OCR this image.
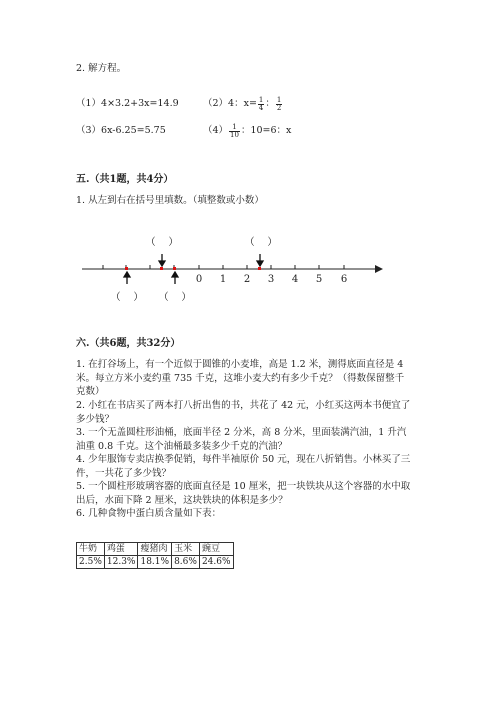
2. 解方程。
（1）4×3.2+3x=14.9	（2）4：$x= \frac{1}{4}$ ： $\frac{1}{2}$
（3）6x-6.25=5.75	$(4) \frac{1}{10}$ ：10=6：x
五.（共1题，共4分）
1. 从左到右在括号里填数。（填整数或小数）
0 1 2 3 4 5 6
（    ）	（    ）
（    ） （    ）
六.（共6题，共32分）
1. 在打谷场上，有一个近似于圆锥的小麦堆，高是 1.2 米，测得底面直径是 4
米。每立方米小麦约重 735 千克，这堆小麦大约有多少千克？（得数保留整千
克数）
2. 小红在书店买了两本打八折出售的书，共花了 42 元，小红买这两本书便宜了
多少钱？
3. 一个无盖圆柱形油桶，底面半径 2 分米，高 8 分米，里面装满汽油，1 升汽
油重 0.8 千克。这个油桶最多装多少千克的汽油？
4. 少年服饰专卖店换季促销，每件半袖原价 50 元，现在八折销售。小林买了三
件，一共花了多少钱？
5. 一个圆柱形玻璃容器的底面直径是 10 厘米，把一块铁块从这个容器的水中取
出后，水面下降 2 厘米，这块铁块的体积是多少？
6. 几种食物中蛋白质含量如下表：
牛奶	鸡蛋	瘦猪肉	玉米	豌豆
2.5%	12.3%	18.1%	8.6%	24.6%
